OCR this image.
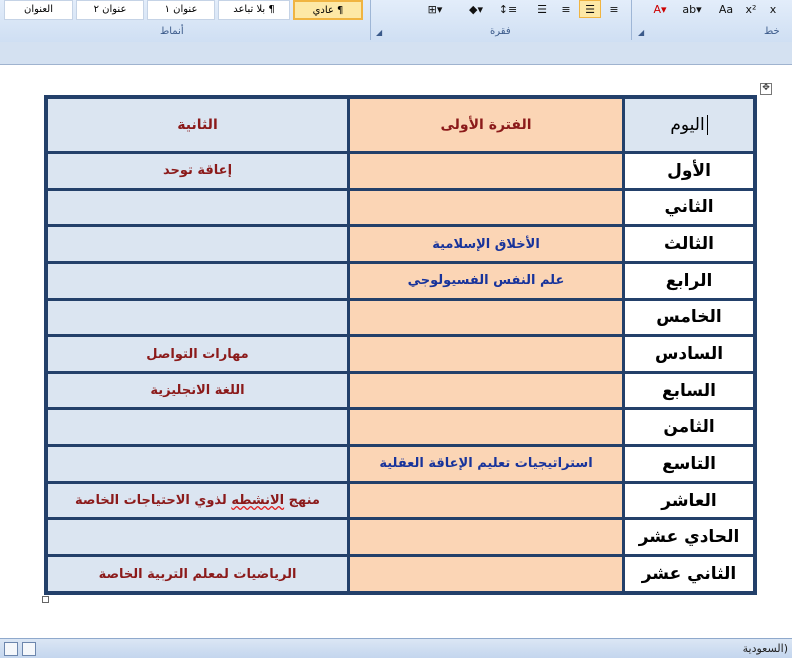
¶ عادي
¶ بلا تباعد
عنوان ١
عنوان ٢
العنوان
أنماط	◢
⊞▾	◆▾	↕≡	☰	≡	☰	≡
فقرة	◢
A▾	ab▾	Aa	x²	x
خط
✥
اليوم	الفترة الأولى	الثانية
الأول		إعاقة توحد
الثاني		
الثالث	الأخلاق الإسلامية	
الرابع	علم النفس الفسيولوجي	
الخامس		
السادس		مهارات التواصل
السابع		اللغة الانجليزية
الثامن		
التاسع	استراتيجيات تعليم الإعاقة العقلية	
العاشر		منهج الانشطه لذوي الاحتياجات الخاصة
الحادي عشر		
الثاني عشر		الرياضيات لمعلم التربية الخاصة
(السعودية
